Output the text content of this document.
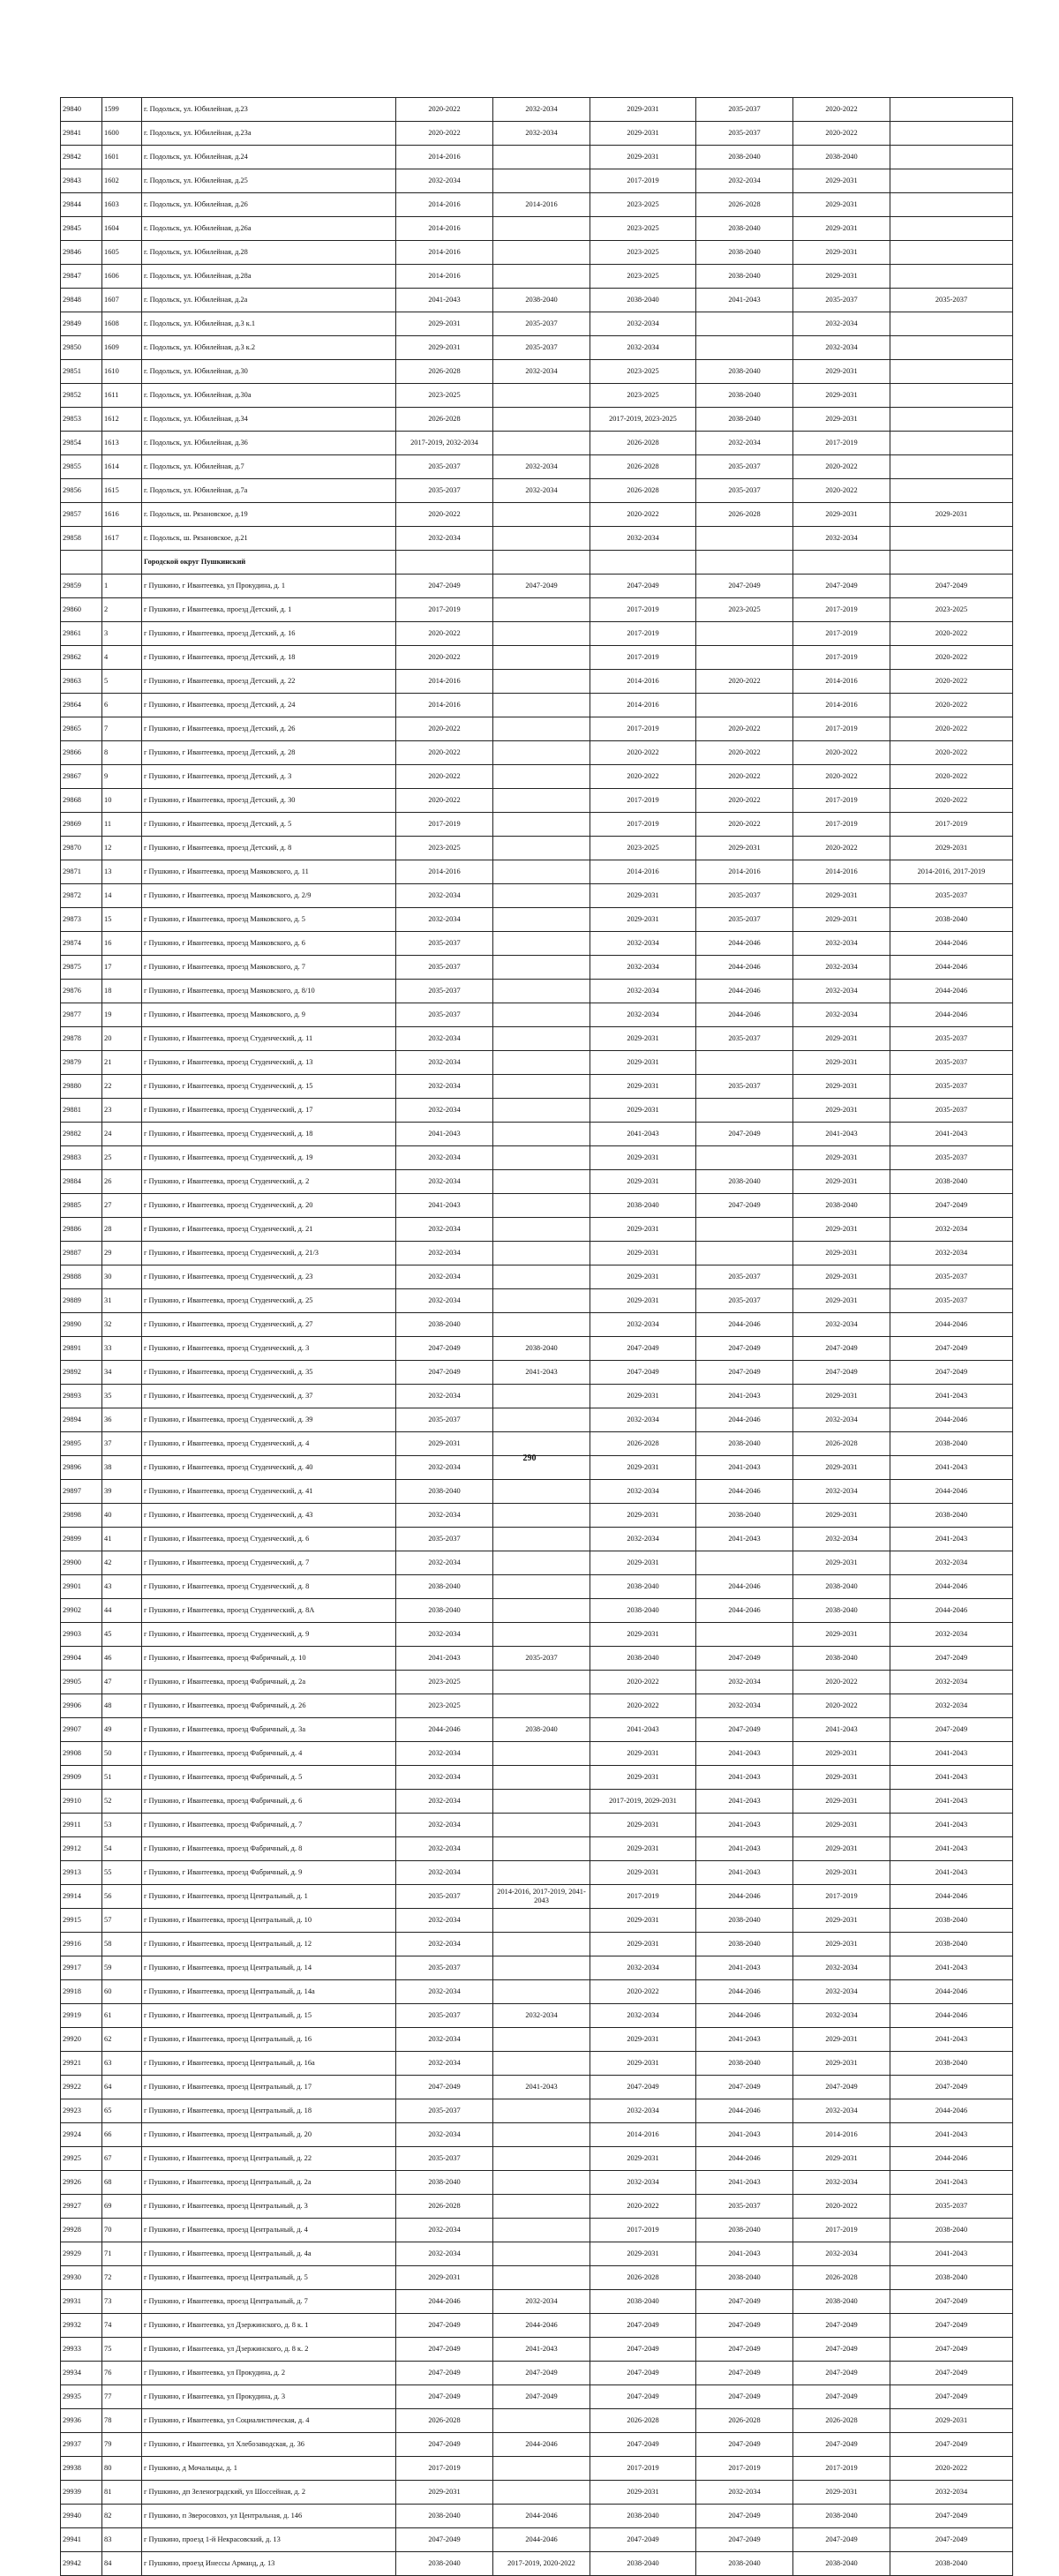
29840	1599	г. Подольск, ул. Юбилейная, д.23	2020-2022	2032-2034	2029-2031	2035-2037	2020-2022	
29841	1600	г. Подольск, ул. Юбилейная, д.23а	2020-2022	2032-2034	2029-2031	2035-2037	2020-2022	
29842	1601	г. Подольск, ул. Юбилейная, д.24	2014-2016		2029-2031	2038-2040	2038-2040	
29843	1602	г. Подольск, ул. Юбилейная, д.25	2032-2034		2017-2019	2032-2034	2029-2031	
29844	1603	г. Подольск, ул. Юбилейная, д.26	2014-2016	2014-2016	2023-2025	2026-2028	2029-2031	
29845	1604	г. Подольск, ул. Юбилейная, д.26а	2014-2016		2023-2025	2038-2040	2029-2031	
29846	1605	г. Подольск, ул. Юбилейная, д.28	2014-2016		2023-2025	2038-2040	2029-2031	
29847	1606	г. Подольск, ул. Юбилейная, д.28а	2014-2016		2023-2025	2038-2040	2029-2031	
29848	1607	г. Подольск, ул. Юбилейная, д.2а	2041-2043	2038-2040	2038-2040	2041-2043	2035-2037	2035-2037
29849	1608	г. Подольск, ул. Юбилейная, д.3 к.1	2029-2031	2035-2037	2032-2034		2032-2034	
29850	1609	г. Подольск, ул. Юбилейная, д.3 к.2	2029-2031	2035-2037	2032-2034		2032-2034	
29851	1610	г. Подольск, ул. Юбилейная, д.30	2026-2028	2032-2034	2023-2025	2038-2040	2029-2031	
29852	1611	г. Подольск, ул. Юбилейная, д.30а	2023-2025		2023-2025	2038-2040	2029-2031	
29853	1612	г. Подольск, ул. Юбилейная, д.34	2026-2028		2017-2019, 2023-2025	2038-2040	2029-2031	
29854	1613	г. Подольск, ул. Юбилейная, д.36	2017-2019, 2032-2034		2026-2028	2032-2034	2017-2019	
29855	1614	г. Подольск, ул. Юбилейная, д.7	2035-2037	2032-2034	2026-2028	2035-2037	2020-2022	
29856	1615	г. Подольск, ул. Юбилейная, д.7а	2035-2037	2032-2034	2026-2028	2035-2037	2020-2022	
29857	1616	г. Подольск, ш. Рязановское, д.19	2020-2022		2020-2022	2026-2028	2029-2031	2029-2031
29858	1617	г. Подольск, ш. Рязановское, д.21	2032-2034		2032-2034		2032-2034	
		Городской округ Пушкинский						
29859	1	г Пушкино, г Ивантеевка, ул Прокудина, д. 1	2047-2049	2047-2049	2047-2049	2047-2049	2047-2049	2047-2049
29860	2	г Пушкино, г Ивантеевка, проезд Детский, д. 1	2017-2019		2017-2019	2023-2025	2017-2019	2023-2025
29861	3	г Пушкино, г Ивантеевка, проезд Детский, д. 16	2020-2022		2017-2019		2017-2019	2020-2022
29862	4	г Пушкино, г Ивантеевка, проезд Детский, д. 18	2020-2022		2017-2019		2017-2019	2020-2022
29863	5	г Пушкино, г Ивантеевка, проезд Детский, д. 22	2014-2016		2014-2016	2020-2022	2014-2016	2020-2022
29864	6	г Пушкино, г Ивантеевка, проезд Детский, д. 24	2014-2016		2014-2016		2014-2016	2020-2022
29865	7	г Пушкино, г Ивантеевка, проезд Детский, д. 26	2020-2022		2017-2019	2020-2022	2017-2019	2020-2022
29866	8	г Пушкино, г Ивантеевка, проезд Детский, д. 28	2020-2022		2020-2022	2020-2022	2020-2022	2020-2022
29867	9	г Пушкино, г Ивантеевка, проезд Детский, д. 3	2020-2022		2020-2022	2020-2022	2020-2022	2020-2022
29868	10	г Пушкино, г Ивантеевка, проезд Детский, д. 30	2020-2022		2017-2019	2020-2022	2017-2019	2020-2022
29869	11	г Пушкино, г Ивантеевка, проезд Детский, д. 5	2017-2019		2017-2019	2020-2022	2017-2019	2017-2019
29870	12	г Пушкино, г Ивантеевка, проезд Детский, д. 8	2023-2025		2023-2025	2029-2031	2020-2022	2029-2031
29871	13	г Пушкино, г Ивантеевка, проезд Маяковского, д. 11	2014-2016		2014-2016	2014-2016	2014-2016	2014-2016, 2017-2019
29872	14	г Пушкино, г Ивантеевка, проезд Маяковского, д. 2/9	2032-2034		2029-2031	2035-2037	2029-2031	2035-2037
29873	15	г Пушкино, г Ивантеевка, проезд Маяковского, д. 5	2032-2034		2029-2031	2035-2037	2029-2031	2038-2040
29874	16	г Пушкино, г Ивантеевка, проезд Маяковского, д. 6	2035-2037		2032-2034	2044-2046	2032-2034	2044-2046
29875	17	г Пушкино, г Ивантеевка, проезд Маяковского, д. 7	2035-2037		2032-2034	2044-2046	2032-2034	2044-2046
29876	18	г Пушкино, г Ивантеевка, проезд Маяковского, д. 8/10	2035-2037		2032-2034	2044-2046	2032-2034	2044-2046
29877	19	г Пушкино, г Ивантеевка, проезд Маяковского, д. 9	2035-2037		2032-2034	2044-2046	2032-2034	2044-2046
29878	20	г Пушкино, г Ивантеевка, проезд Студенческий, д. 11	2032-2034		2029-2031	2035-2037	2029-2031	2035-2037
29879	21	г Пушкино, г Ивантеевка, проезд Студенческий, д. 13	2032-2034		2029-2031		2029-2031	2035-2037
29880	22	г Пушкино, г Ивантеевка, проезд Студенческий, д. 15	2032-2034		2029-2031	2035-2037	2029-2031	2035-2037
29881	23	г Пушкино, г Ивантеевка, проезд Студенческий, д. 17	2032-2034		2029-2031		2029-2031	2035-2037
29882	24	г Пушкино, г Ивантеевка, проезд Студенческий, д. 18	2041-2043		2041-2043	2047-2049	2041-2043	2041-2043
29883	25	г Пушкино, г Ивантеевка, проезд Студенческий, д. 19	2032-2034		2029-2031		2029-2031	2035-2037
29884	26	г Пушкино, г Ивантеевка, проезд Студенческий, д. 2	2032-2034		2029-2031	2038-2040	2029-2031	2038-2040
29885	27	г Пушкино, г Ивантеевка, проезд Студенческий, д. 20	2041-2043		2038-2040	2047-2049	2038-2040	2047-2049
29886	28	г Пушкино, г Ивантеевка, проезд Студенческий, д. 21	2032-2034		2029-2031		2029-2031	2032-2034
29887	29	г Пушкино, г Ивантеевка, проезд Студенческий, д. 21/3	2032-2034		2029-2031		2029-2031	2032-2034
29888	30	г Пушкино, г Ивантеевка, проезд Студенческий, д. 23	2032-2034		2029-2031	2035-2037	2029-2031	2035-2037
29889	31	г Пушкино, г Ивантеевка, проезд Студенческий, д. 25	2032-2034		2029-2031	2035-2037	2029-2031	2035-2037
29890	32	г Пушкино, г Ивантеевка, проезд Студенческий, д. 27	2038-2040		2032-2034	2044-2046	2032-2034	2044-2046
29891	33	г Пушкино, г Ивантеевка, проезд Студенческий, д. 3	2047-2049	2038-2040	2047-2049	2047-2049	2047-2049	2047-2049
29892	34	г Пушкино, г Ивантеевка, проезд Студенческий, д. 35	2047-2049	2041-2043	2047-2049	2047-2049	2047-2049	2047-2049
29893	35	г Пушкино, г Ивантеевка, проезд Студенческий, д. 37	2032-2034		2029-2031	2041-2043	2029-2031	2041-2043
29894	36	г Пушкино, г Ивантеевка, проезд Студенческий, д. 39	2035-2037		2032-2034	2044-2046	2032-2034	2044-2046
29895	37	г Пушкино, г Ивантеевка, проезд Студенческий, д. 4	2029-2031		2026-2028	2038-2040	2026-2028	2038-2040
29896	38	г Пушкино, г Ивантеевка, проезд Студенческий, д. 40	2032-2034		2029-2031	2041-2043	2029-2031	2041-2043
29897	39	г Пушкино, г Ивантеевка, проезд Студенческий, д. 41	2038-2040		2032-2034	2044-2046	2032-2034	2044-2046
29898	40	г Пушкино, г Ивантеевка, проезд Студенческий, д. 43	2032-2034		2029-2031	2038-2040	2029-2031	2038-2040
29899	41	г Пушкино, г Ивантеевка, проезд Студенческий, д. 6	2035-2037		2032-2034	2041-2043	2032-2034	2041-2043
29900	42	г Пушкино, г Ивантеевка, проезд Студенческий, д. 7	2032-2034		2029-2031		2029-2031	2032-2034
29901	43	г Пушкино, г Ивантеевка, проезд Студенческий, д. 8	2038-2040		2038-2040	2044-2046	2038-2040	2044-2046
29902	44	г Пушкино, г Ивантеевка, проезд Студенческий, д. 8А	2038-2040		2038-2040	2044-2046	2038-2040	2044-2046
29903	45	г Пушкино, г Ивантеевка, проезд Студенческий, д. 9	2032-2034		2029-2031		2029-2031	2032-2034
29904	46	г Пушкино, г Ивантеевка, проезд Фабричный, д. 10	2041-2043	2035-2037	2038-2040	2047-2049	2038-2040	2047-2049
29905	47	г Пушкино, г Ивантеевка, проезд Фабричный, д. 2а	2023-2025		2020-2022	2032-2034	2020-2022	2032-2034
29906	48	г Пушкино, г Ивантеевка, проезд Фабричный, д. 26	2023-2025		2020-2022	2032-2034	2020-2022	2032-2034
29907	49	г Пушкино, г Ивантеевка, проезд Фабричный, д. 3а	2044-2046	2038-2040	2041-2043	2047-2049	2041-2043	2047-2049
29908	50	г Пушкино, г Ивантеевка, проезд Фабричный, д. 4	2032-2034		2029-2031	2041-2043	2029-2031	2041-2043
29909	51	г Пушкино, г Ивантеевка, проезд Фабричный, д. 5	2032-2034		2029-2031	2041-2043	2029-2031	2041-2043
29910	52	г Пушкино, г Ивантеевка, проезд Фабричный, д. 6	2032-2034		2017-2019, 2029-2031	2041-2043	2029-2031	2041-2043
29911	53	г Пушкино, г Ивантеевка, проезд Фабричный, д. 7	2032-2034		2029-2031	2041-2043	2029-2031	2041-2043
29912	54	г Пушкино, г Ивантеевка, проезд Фабричный, д. 8	2032-2034		2029-2031	2041-2043	2029-2031	2041-2043
29913	55	г Пушкино, г Ивантеевка, проезд Фабричный, д. 9	2032-2034		2029-2031	2041-2043	2029-2031	2041-2043
29914	56	г Пушкино, г Ивантеевка, проезд Центральный, д. 1	2035-2037	2014-2016, 2017-2019, 2041-2043	2017-2019	2044-2046	2017-2019	2044-2046
29915	57	г Пушкино, г Ивантеевка, проезд Центральный, д. 10	2032-2034		2029-2031	2038-2040	2029-2031	2038-2040
29916	58	г Пушкино, г Ивантеевка, проезд Центральный, д. 12	2032-2034		2029-2031	2038-2040	2029-2031	2038-2040
29917	59	г Пушкино, г Ивантеевка, проезд Центральный, д. 14	2035-2037		2032-2034	2041-2043	2032-2034	2041-2043
29918	60	г Пушкино, г Ивантеевка, проезд Центральный, д. 14а	2032-2034		2020-2022	2044-2046	2032-2034	2044-2046
29919	61	г Пушкино, г Ивантеевка, проезд Центральный, д. 15	2035-2037	2032-2034	2032-2034	2044-2046	2032-2034	2044-2046
29920	62	г Пушкино, г Ивантеевка, проезд Центральный, д. 16	2032-2034		2029-2031	2041-2043	2029-2031	2041-2043
29921	63	г Пушкино, г Ивантеевка, проезд Центральный, д. 16а	2032-2034		2029-2031	2038-2040	2029-2031	2038-2040
29922	64	г Пушкино, г Ивантеевка, проезд Центральный, д. 17	2047-2049	2041-2043	2047-2049	2047-2049	2047-2049	2047-2049
29923	65	г Пушкино, г Ивантеевка, проезд Центральный, д. 18	2035-2037		2032-2034	2044-2046	2032-2034	2044-2046
29924	66	г Пушкино, г Ивантеевка, проезд Центральный, д. 20	2032-2034		2014-2016	2041-2043	2014-2016	2041-2043
29925	67	г Пушкино, г Ивантеевка, проезд Центральный, д. 22	2035-2037		2029-2031	2044-2046	2029-2031	2044-2046
29926	68	г Пушкино, г Ивантеевка, проезд Центральный, д. 2а	2038-2040		2032-2034	2041-2043	2032-2034	2041-2043
29927	69	г Пушкино, г Ивантеевка, проезд Центральный, д. 3	2026-2028		2020-2022	2035-2037	2020-2022	2035-2037
29928	70	г Пушкино, г Ивантеевка, проезд Центральный, д. 4	2032-2034		2017-2019	2038-2040	2017-2019	2038-2040
29929	71	г Пушкино, г Ивантеевка, проезд Центральный, д. 4а	2032-2034		2029-2031	2041-2043	2032-2034	2041-2043
29930	72	г Пушкино, г Ивантеевка, проезд Центральный, д. 5	2029-2031		2026-2028	2038-2040	2026-2028	2038-2040
29931	73	г Пушкино, г Ивантеевка, проезд Центральный, д. 7	2044-2046	2032-2034	2038-2040	2047-2049	2038-2040	2047-2049
29932	74	г Пушкино, г Ивантеевка, ул Дзержинского, д. 8 к. 1	2047-2049	2044-2046	2047-2049	2047-2049	2047-2049	2047-2049
29933	75	г Пушкино, г Ивантеевка, ул Дзержинского, д. 8 к. 2	2047-2049	2041-2043	2047-2049	2047-2049	2047-2049	2047-2049
29934	76	г Пушкино, г Ивантеевка, ул Прокудина, д. 2	2047-2049	2047-2049	2047-2049	2047-2049	2047-2049	2047-2049
29935	77	г Пушкино, г Ивантеевка, ул Прокудина, д. 3	2047-2049	2047-2049	2047-2049	2047-2049	2047-2049	2047-2049
29936	78	г Пушкино, г Ивантеевка, ул Социалистическая, д. 4	2026-2028		2026-2028	2026-2028	2026-2028	2029-2031
29937	79	г Пушкино, г Ивантеевка, ул Хлебозаводская, д. 36	2047-2049	2044-2046	2047-2049	2047-2049	2047-2049	2047-2049
29938	80	г Пушкино, д Мочалыцы, д. 1	2017-2019		2017-2019	2017-2019	2017-2019	2020-2022
29939	81	г Пушкино, дп Зеленоградский, ул Шоссейная, д. 2	2029-2031		2029-2031	2032-2034	2029-2031	2032-2034
29940	82	г Пушкино, п Звероcовхоз, ул Центральная, д. 146	2038-2040	2044-2046	2038-2040	2047-2049	2038-2040	2047-2049
29941	83	г Пушкино, проезд 1-й Некрасовский, д. 13	2047-2049	2044-2046	2047-2049	2047-2049	2047-2049	2047-2049
29942	84	г Пушкино, проезд Инессы Арманд, д. 13	2038-2040	2017-2019, 2020-2022	2038-2040	2038-2040	2038-2040	2038-2040
290
